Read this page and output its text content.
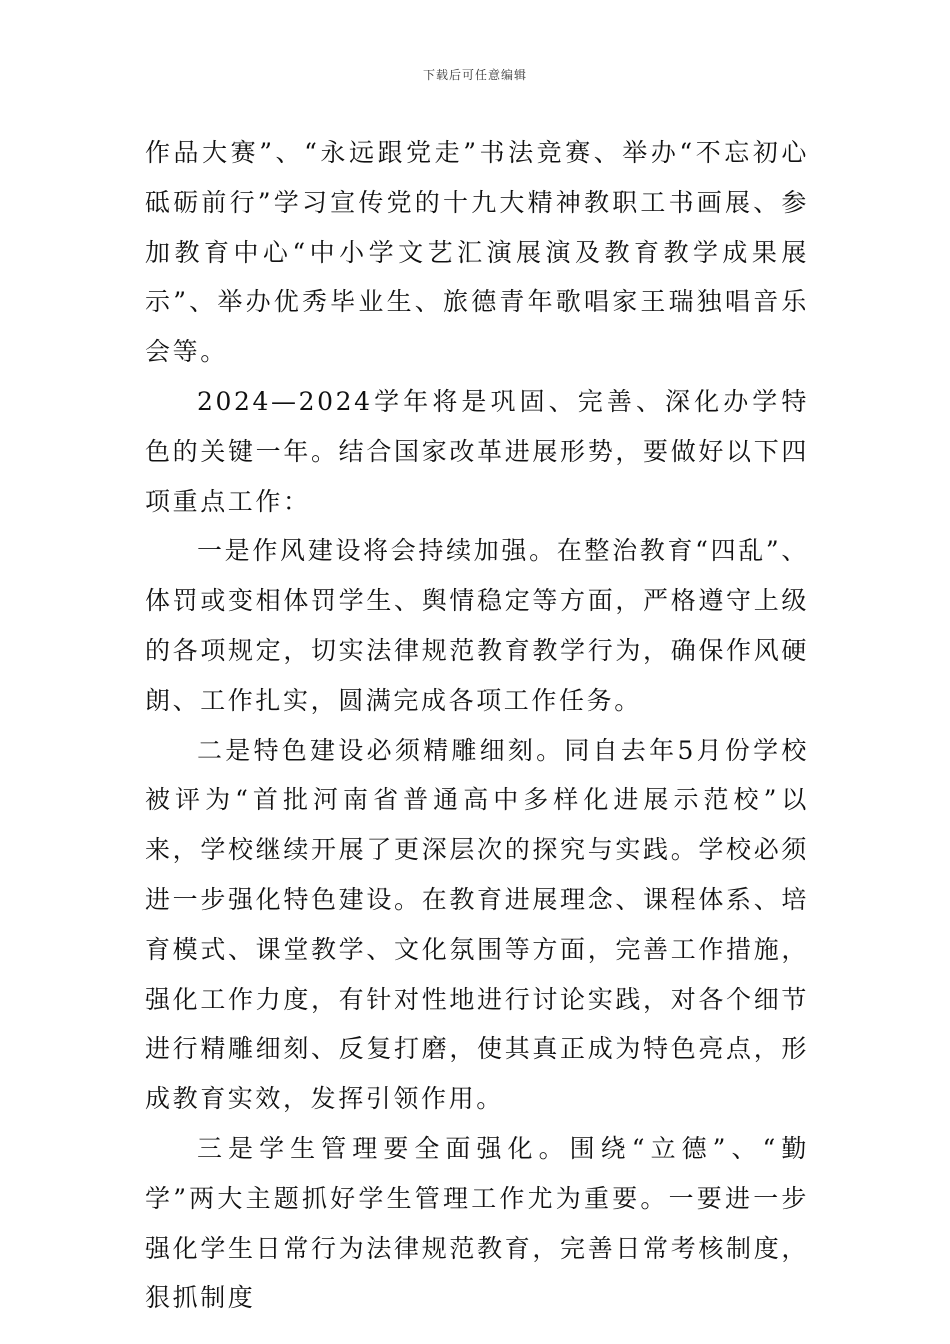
下载后可任意编辑

作品大赛”、“永远跟党走”书法竞赛、举办“不忘初心砥砺前行”学习宣传党的十九大精神教职工书画展、参加教育中心“中小学文艺汇演展演及教育教学成果展示”、举办优秀毕业生、旅德青年歌唱家王瑞独唱音乐会等。

2024—2024学年将是巩固、完善、深化办学特色的关键一年。结合国家改革进展形势，要做好以下四项重点工作：

一是作风建设将会持续加强。在整治教育“四乱”、体罚或变相体罚学生、舆情稳定等方面，严格遵守上级的各项规定，切实法律规范教育教学行为，确保作风硬朗、工作扎实，圆满完成各项工作任务。

二是特色建设必须精雕细刻。同自去年5月份学校被评为“首批河南省普通高中多样化进展示范校”以来，学校继续开展了更深层次的探究与实践。学校必须进一步强化特色建设。在教育进展理念、课程体系、培育模式、课堂教学、文化氛围等方面，完善工作措施，强化工作力度，有针对性地进行讨论实践，对各个细节进行精雕细刻、反复打磨，使其真正成为特色亮点，形成教育实效，发挥引领作用。

三是学生管理要全面强化。围绕“立德”、“勤学”两大主题抓好学生管理工作尤为重要。一要进一步强化学生日常行为法律规范教育，完善日常考核制度，狠抓制度
